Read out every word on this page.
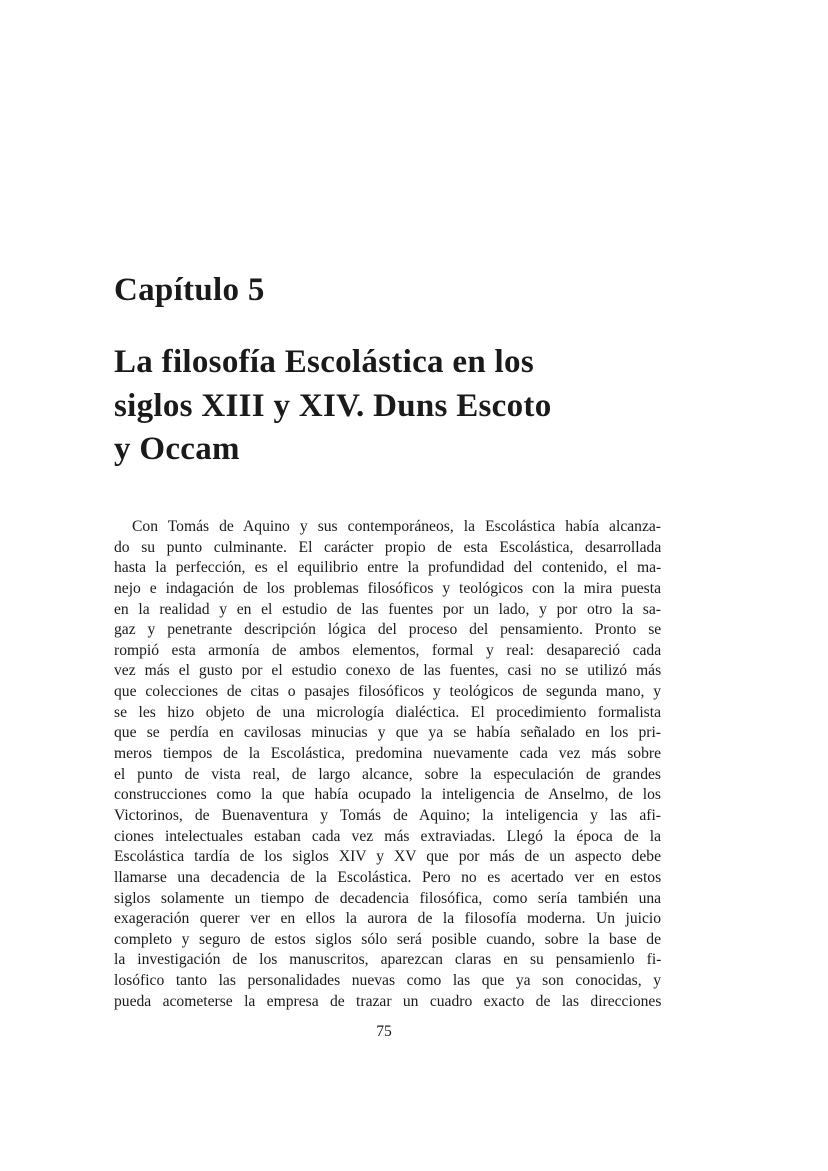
Capítulo 5
La filosofía Escolástica en los
siglos XIII y XIV. Duns Escoto
y Occam
Con Tomás de Aquino y sus contemporáneos, la Escolástica había alcanza-
do su punto culminante. El carácter propio de esta Escolástica, desarrollada
hasta la perfección, es el equilibrio entre la profundidad del contenido, el ma-
nejo e indagación de los problemas filosóficos y teológicos con la mira puesta
en la realidad y en el estudio de las fuentes por un lado, y por otro la sa-
gaz y penetrante descripción lógica del proceso del pensamiento. Pronto se
rompió esta armonía de ambos elementos, formal y real: desapareció cada
vez más el gusto por el estudio conexo de las fuentes, casi no se utilizó más
que colecciones de citas o pasajes filosóficos y teológicos de segunda mano, y
se les hizo objeto de una micrología dialéctica. El procedimiento formalista
que se perdía en cavilosas minucias y que ya se había señalado en los pri-
meros tiempos de la Escolástica, predomina nuevamente cada vez más sobre
el punto de vista real, de largo alcance, sobre la especulación de grandes
construcciones como la que había ocupado la inteligencia de Anselmo, de los
Victorinos, de Buenaventura y Tomás de Aquino; la inteligencia y las afi-
ciones intelectuales estaban cada vez más extraviadas. Llegó la época de la
Escolástica tardía de los siglos XIV y XV que por más de un aspecto debe
llamarse una decadencia de la Escolástica. Pero no es acertado ver en estos
siglos solamente un tiempo de decadencia filosófica, como sería también una
exageración querer ver en ellos la aurora de la filosofía moderna. Un juicio
completo y seguro de estos siglos sólo será posible cuando, sobre la base de
la investigación de los manuscritos, aparezcan claras en su pensamienlo fi-
losófico tanto las personalidades nuevas como las que ya son conocidas, y
pueda acometerse la empresa de trazar un cuadro exacto de las direcciones
75
